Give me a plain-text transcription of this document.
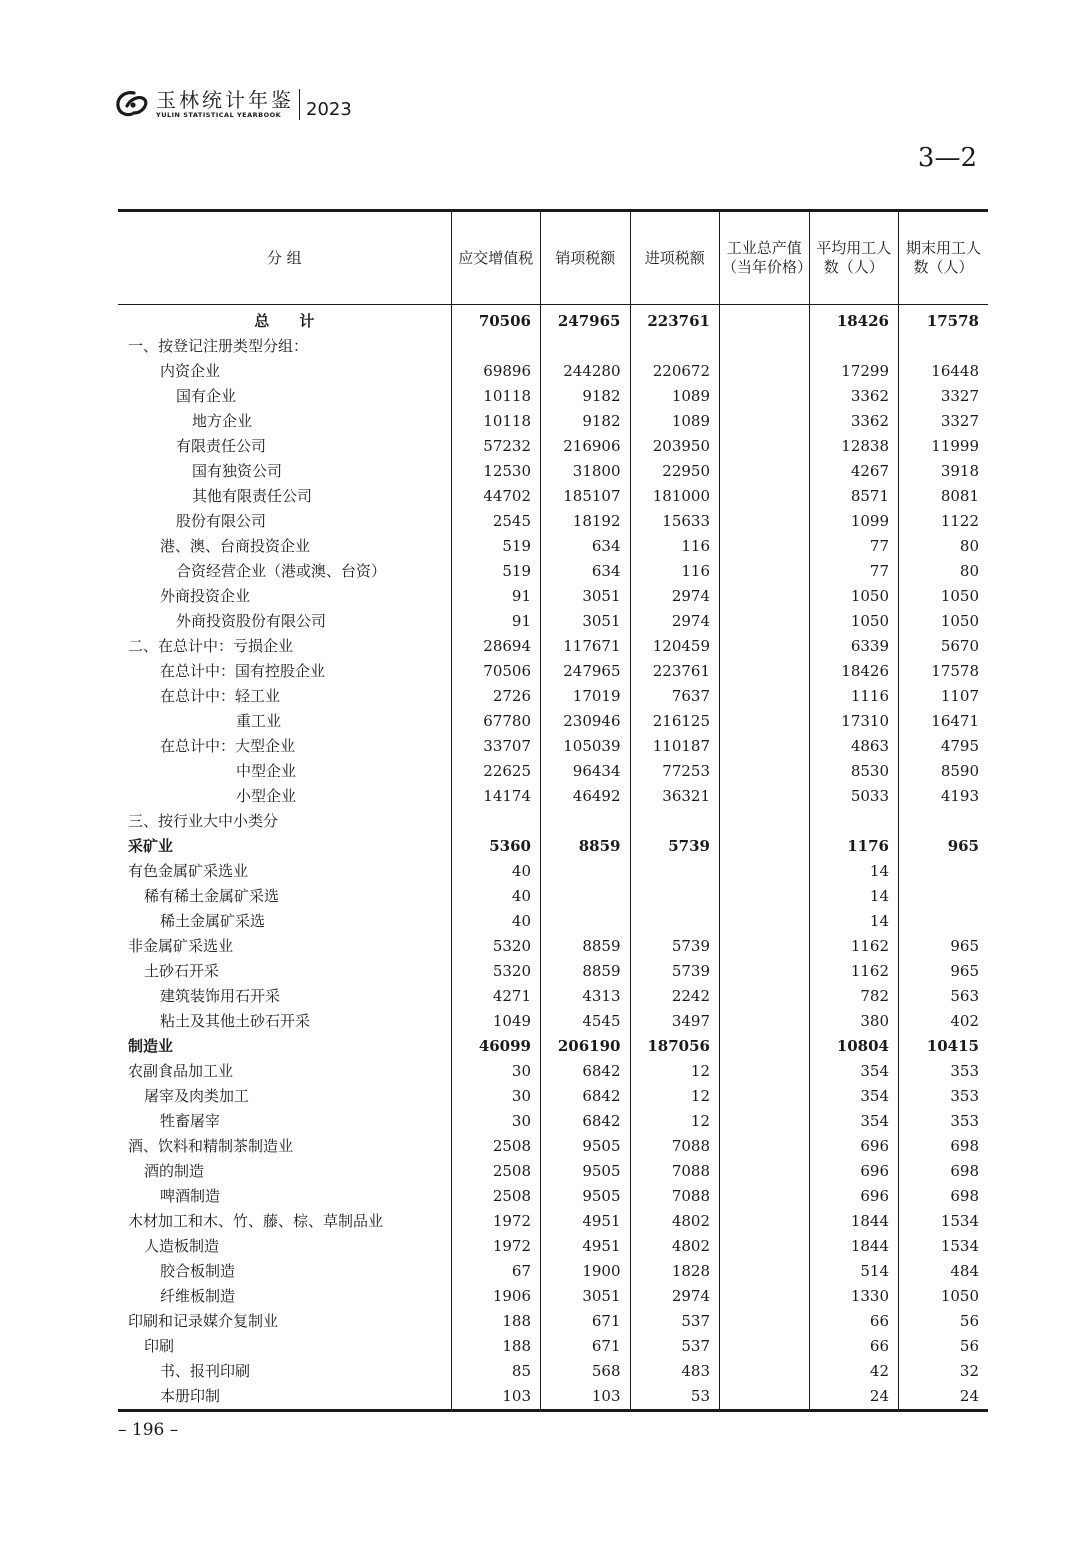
玉林统计年鉴
YULIN STATISTICAL YEARBOOK	2023
3—2
分 组	应交增值税	销项税额	进项税额	工业总产值（当年价格）	平均用工人数（人）	期末用工人数（人）
总　　计	70506	247965	223761		18426	17578
一、按登记注册类型分组：						
内资企业	69896	244280	220672		17299	16448
国有企业	10118	9182	1089		3362	3327
地方企业	10118	9182	1089		3362	3327
有限责任公司	57232	216906	203950		12838	11999
国有独资公司	12530	31800	22950		4267	3918
其他有限责任公司	44702	185107	181000		8571	8081
股份有限公司	2545	18192	15633		1099	1122
港、澳、台商投资企业	519	634	116		77	80
合资经营企业（港或澳、台资）	519	634	116		77	80
外商投资企业	91	3051	2974		1050	1050
外商投资股份有限公司	91	3051	2974		1050	1050
二、在总计中：亏损企业	28694	117671	120459		6339	5670
在总计中：国有控股企业	70506	247965	223761		18426	17578
在总计中：轻工业	2726	17019	7637		1116	1107
重工业	67780	230946	216125		17310	16471
在总计中：大型企业	33707	105039	110187		4863	4795
中型企业	22625	96434	77253		8530	8590
小型企业	14174	46492	36321		5033	4193
三、按行业大中小类分						
采矿业	5360	8859	5739		1176	965
有色金属矿采选业	40				14	
稀有稀土金属矿采选	40				14	
稀土金属矿采选	40				14	
非金属矿采选业	5320	8859	5739		1162	965
土砂石开采	5320	8859	5739		1162	965
建筑装饰用石开采	4271	4313	2242		782	563
粘土及其他土砂石开采	1049	4545	3497		380	402
制造业	46099	206190	187056		10804	10415
农副食品加工业	30	6842	12		354	353
屠宰及肉类加工	30	6842	12		354	353
牲畜屠宰	30	6842	12		354	353
酒、饮料和精制茶制造业	2508	9505	7088		696	698
酒的制造	2508	9505	7088		696	698
啤酒制造	2508	9505	7088		696	698
木材加工和木、竹、藤、棕、草制品业	1972	4951	4802		1844	1534
人造板制造	1972	4951	4802		1844	1534
胶合板制造	67	1900	1828		514	484
纤维板制造	1906	3051	2974		1330	1050
印刷和记录媒介复制业	188	671	537		66	56
印刷	188	671	537		66	56
书、报刊印刷	85	568	483		42	32
本册印制	103	103	53		24	24
– 196 –
